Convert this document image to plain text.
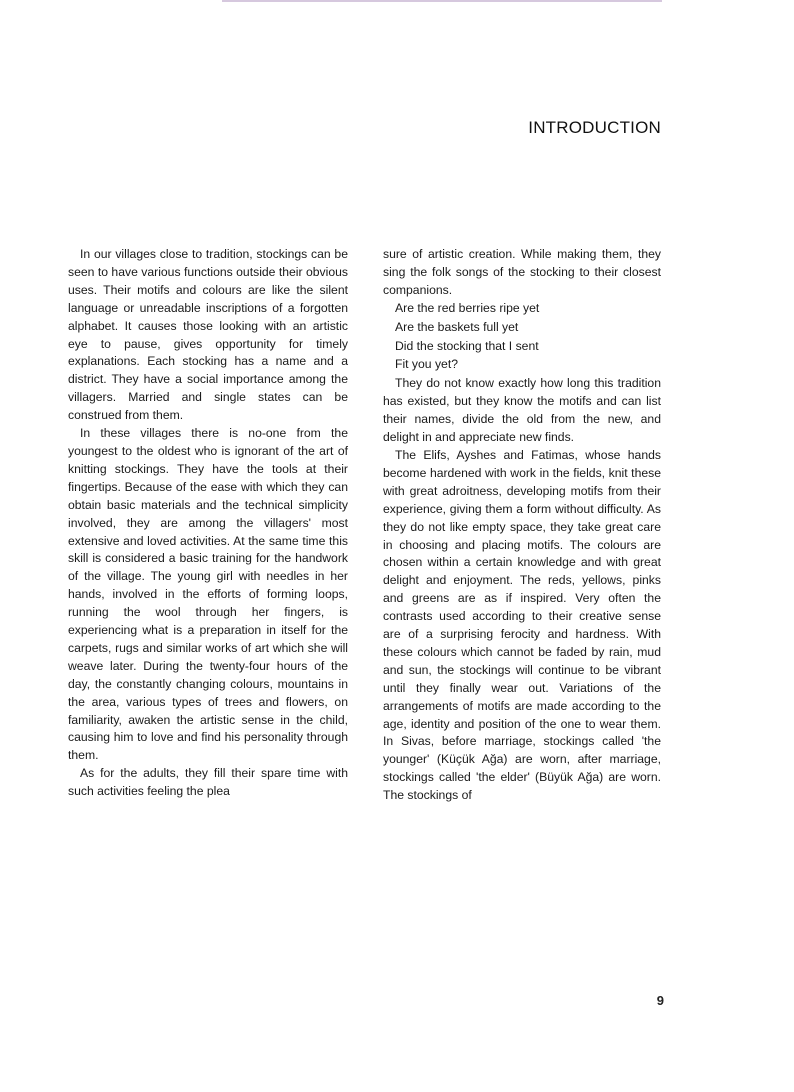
INTRODUCTION

In our villages close to tradition, stockings can be seen to have various functions outside their obvious uses. Their motifs and colours are like the silent language or unreadable inscriptions of a forgotten alphabet. It causes those looking with an artistic eye to pause, gives opportunity for timely explanations. Each stocking has a name and a district. They have a social importance among the villagers. Married and single states can be construed from them.

In these villages there is no-one from the youngest to the oldest who is ignorant of the art of knitting stockings. They have the tools at their fingertips. Because of the ease with which they can obtain basic materials and the technical simplicity involved, they are among the villagers' most extensive and loved activities. At the same time this skill is considered a basic training for the handwork of the village. The young girl with needles in her hands, involved in the efforts of forming loops, running the wool through her fingers, is experiencing what is a preparation in itself for the carpets, rugs and similar works of art which she will weave later. During the twenty-four hours of the day, the constantly changing colours, mountains in the area, various types of trees and flowers, on familiarity, awaken the artistic sense in the child, causing him to love and find his personality through them.

As for the adults, they fill their spare time with such activities feeling the plea

sure of artistic creation. While making them, they sing the folk songs of the stocking to their closest companions.

Are the red berries ripe yet

Are the baskets full yet

Did the stocking that I sent

Fit you yet?

They do not know exactly how long this tradition has existed, but they know the motifs and can list their names, divide the old from the new, and delight in and appreciate new finds.

The Elifs, Ayshes and Fatimas, whose hands become hardened with work in the fields, knit these with great adroitness, developing motifs from their experience, giving them a form without difficulty. As they do not like empty space, they take great care in choosing and placing motifs. The colours are chosen within a certain knowledge and with great delight and enjoyment. The reds, yellows, pinks and greens are as if inspired. Very often the contrasts used according to their creative sense are of a surprising ferocity and hardness. With these colours which cannot be faded by rain, mud and sun, the stockings will continue to be vibrant until they finally wear out. Variations of the arrangements of motifs are made according to the age, identity and position of the one to wear them. In Sivas, before marriage, stockings called 'the younger' (Küçük Ağa) are worn, after marriage, stockings called 'the elder' (Büyük Ağa) are worn. The stockings of

9
